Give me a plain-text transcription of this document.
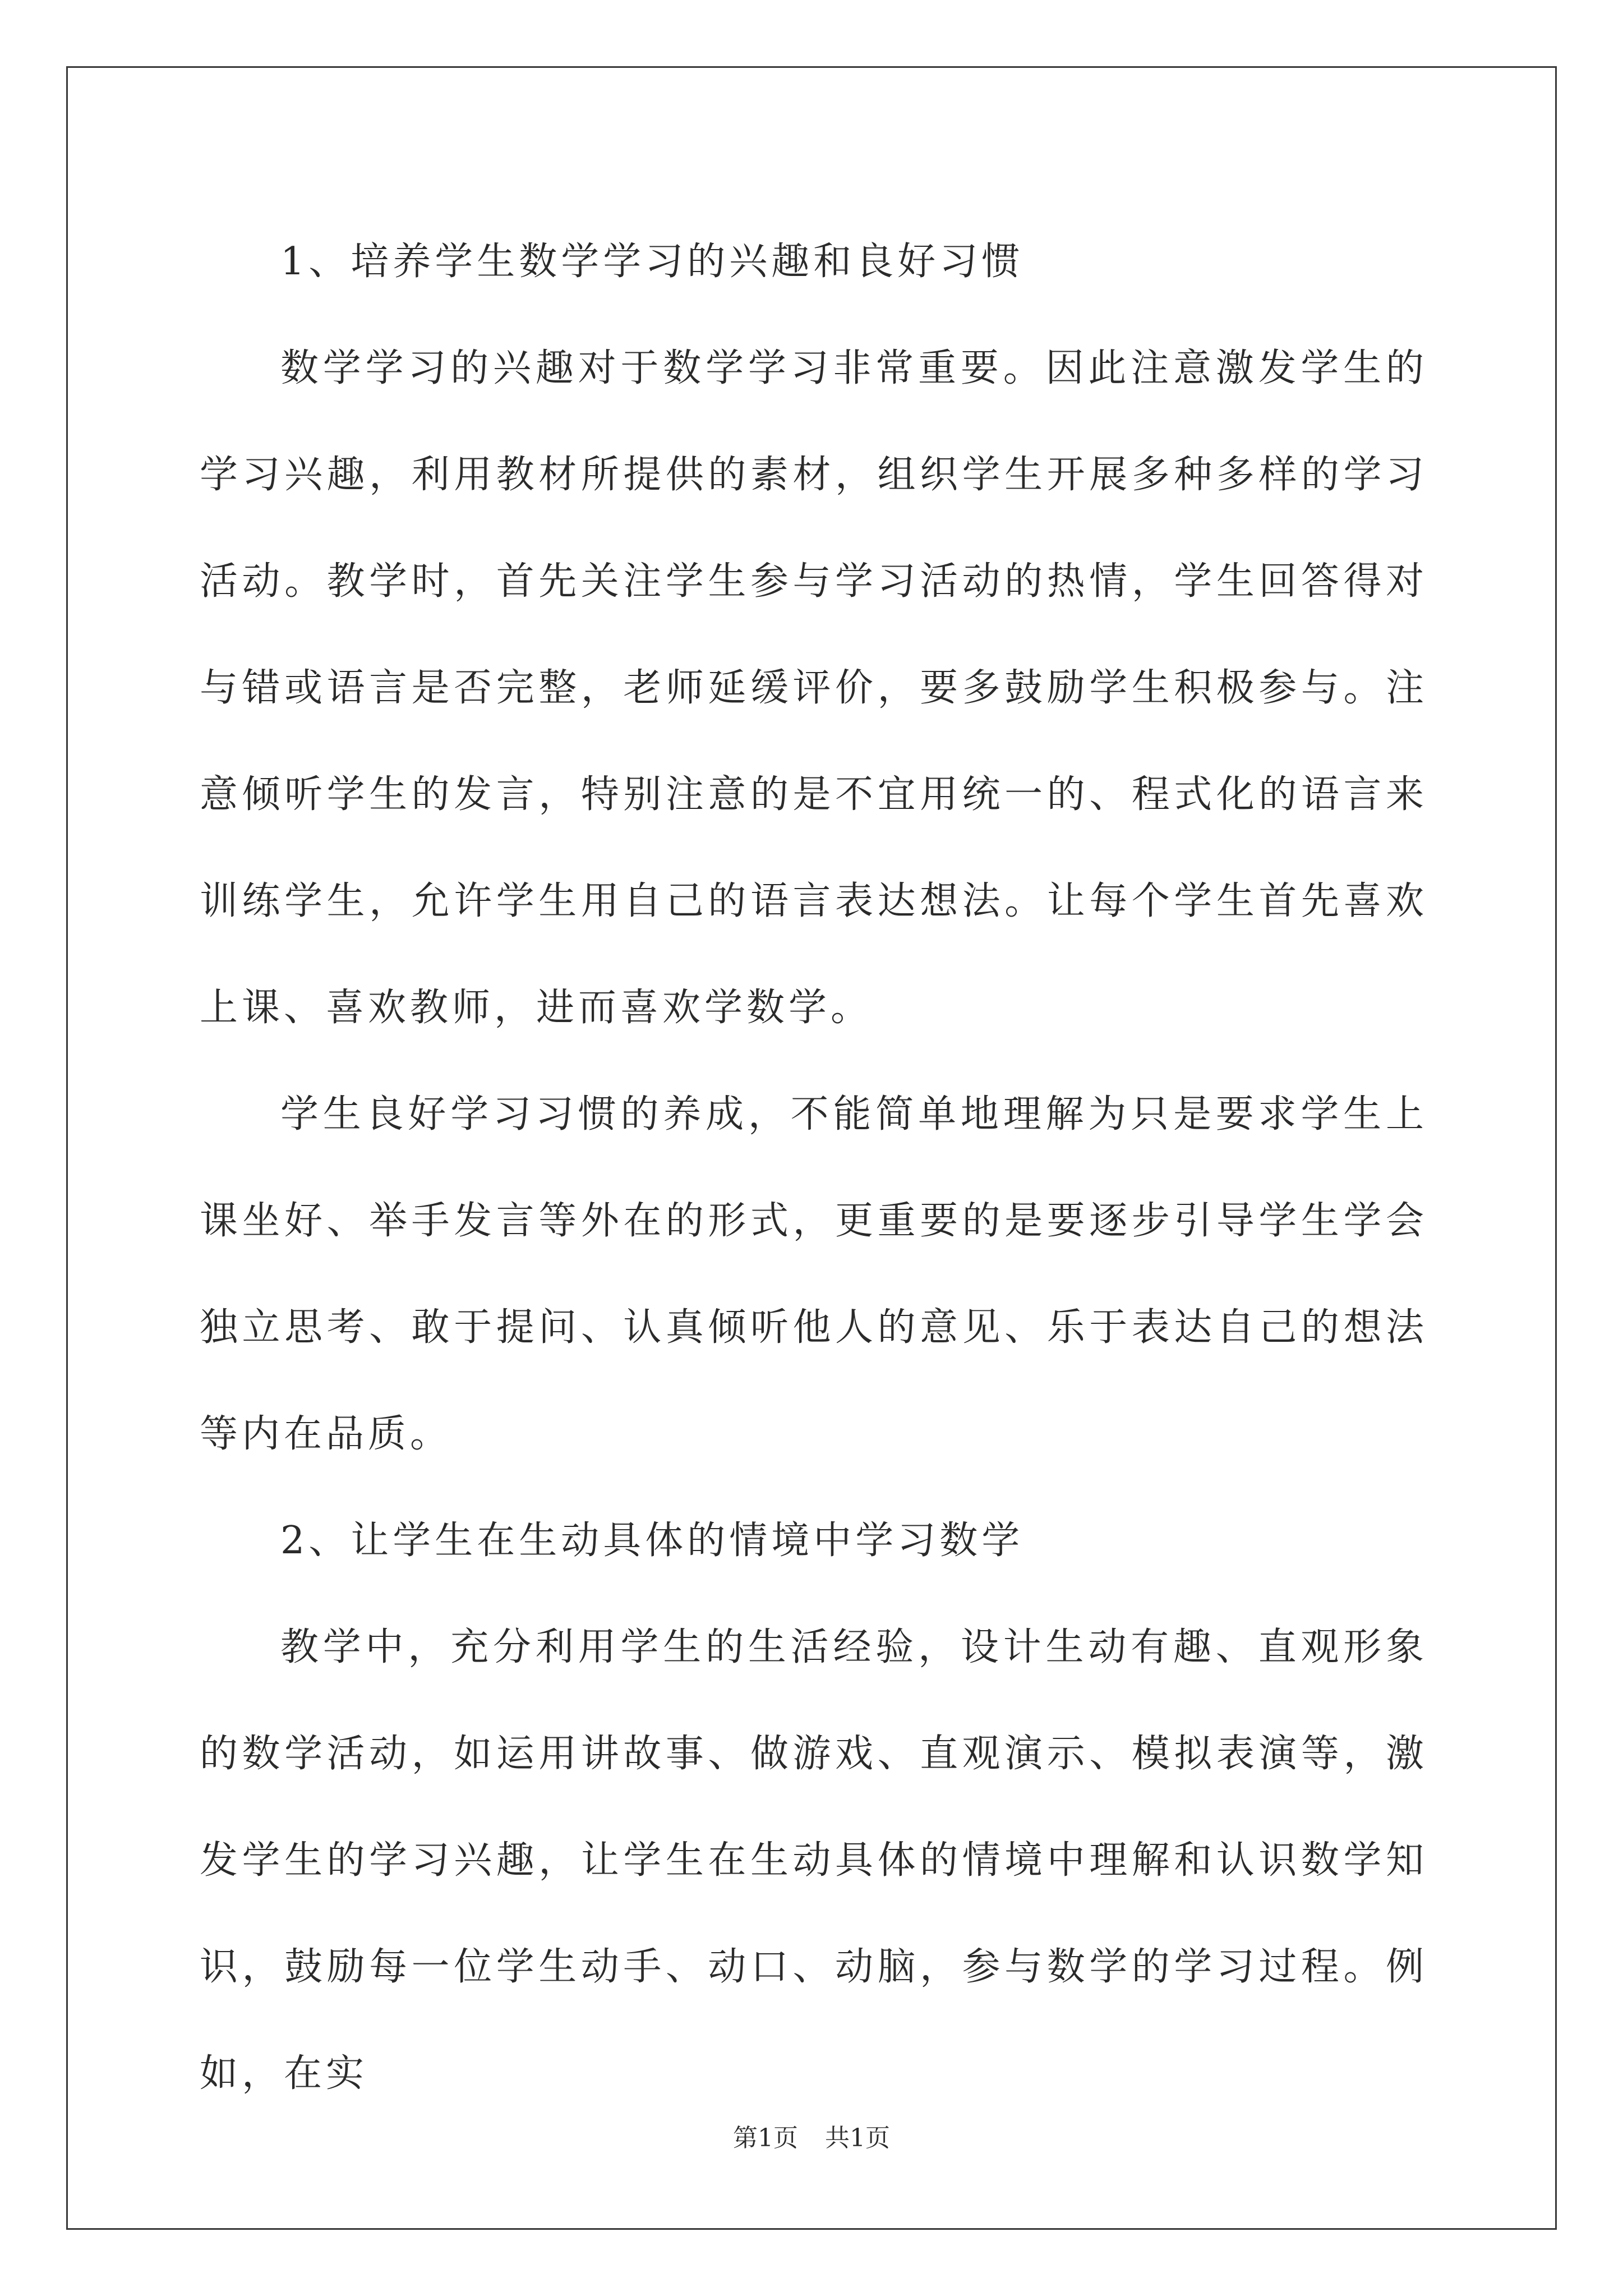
1、培养学生数学学习的兴趣和良好习惯

数学学习的兴趣对于数学学习非常重要。因此注意激发学生的学习兴趣，利用教材所提供的素材，组织学生开展多种多样的学习活动。教学时，首先关注学生参与学习活动的热情，学生回答得对与错或语言是否完整，老师延缓评价，要多鼓励学生积极参与。注意倾听学生的发言，特别注意的是不宜用统一的、程式化的语言来训练学生，允许学生用自己的语言表达想法。让每个学生首先喜欢上课、喜欢教师，进而喜欢学数学。

学生良好学习习惯的养成，不能简单地理解为只是要求学生上课坐好、举手发言等外在的形式，更重要的是要逐步引导学生学会独立思考、敢于提问、认真倾听他人的意见、乐于表达自己的想法等内在品质。

2、让学生在生动具体的情境中学习数学

教学中，充分利用学生的生活经验，设计生动有趣、直观形象的数学活动，如运用讲故事、做游戏、直观演示、模拟表演等，激发学生的学习兴趣，让学生在生动具体的情境中理解和认识数学知识，鼓励每一位学生动手、动口、动脑，参与数学的学习过程。例如，在实

第1页 共1页
